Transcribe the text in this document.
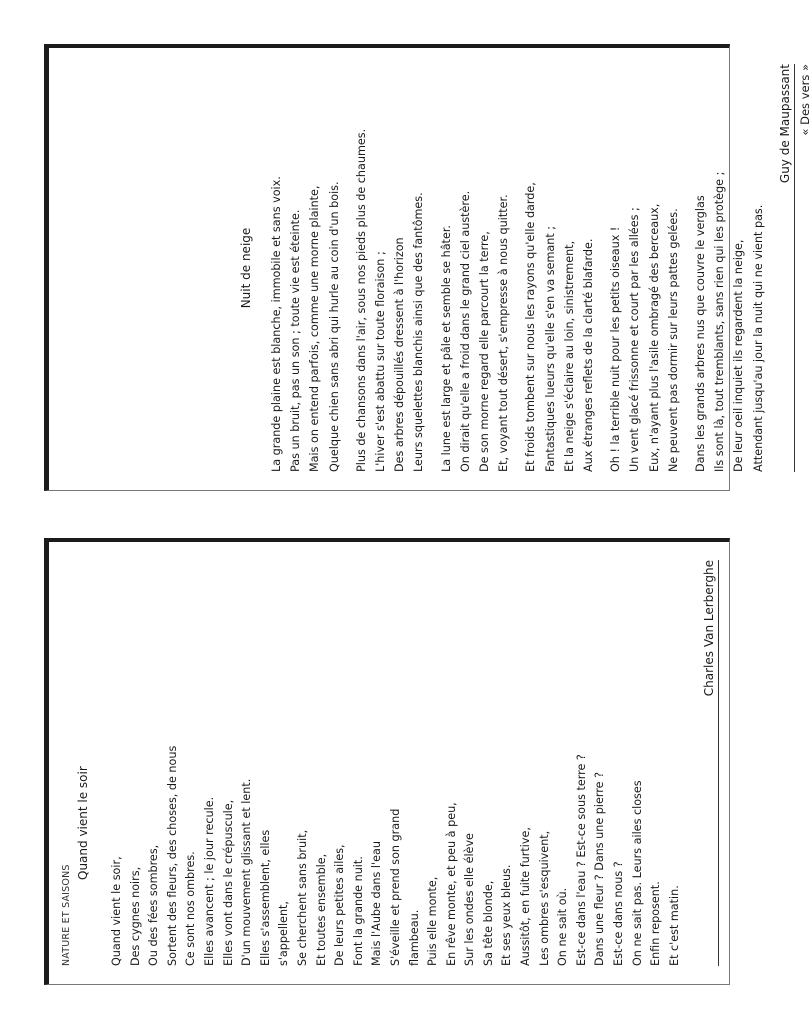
Nuit de neige La grande plaine est blanche, immobile et sans voix. Pas un bruit, pas un son ; toute vie est éteinte. Mais on entend parfois, comme une morne plainte, Quelque chien sans abri qui hurle au coin d'un bois. Plus de chansons dans l'air, sous nos pieds plus de chaumes. L'hiver s'est abattu sur toute floraison ; Des arbres dépouillés dressent à l'horizon Leurs squelettes blanchis ainsi que des fantômes. La lune est large et pâle et semble se hâter. On dirait qu'elle a froid dans le grand ciel austère. De son morne regard elle parcourt la terre, Et, voyant tout désert, s'empresse à nous quitter. Et froids tombent sur nous les rayons qu'elle darde, Fantastiques lueurs qu'elle s'en va semant ; Et la neige s'éclaire au loin, sinistrement, Aux étranges reflets de la clarté blafarde. Oh ! la terrible nuit pour les petits oiseaux ! Un vent glacé frissonne et court par les allées ; Eux, n'ayant plus l'asile ombragé des berceaux, Ne peuvent pas dormir sur leurs pattes gelées. Dans les grands arbres nus que couvre le verglas Ils sont là, tout tremblants, sans rien qui les protège ; De leur oeil inquiet ils regardent la neige, Attendant jusqu'au jour la nuit qui ne vient pas.
Guy de Maupassant « Des vers »
NATURE ET SAISONS
Quand vient le soir
Quand vient le soir, Des cygnes noirs, Ou des fées sombres, Sortent des fleurs, des choses, de nous Ce sont nos ombres. Elles avancent ; le jour recule. Elles vont dans le crépuscule, D'un mouvement glissant et lent. Elles s'assemblent, elles s'appellent, Se cherchent sans bruit, Et toutes ensemble, De leurs petites ailes, Font la grande nuit. Mais l'Aube dans l'eau S'éveille et prend son grand flambeau. Puis elle monte, En rêve monte, et peu à peu, Sur les ondes elle élève Sa tête blonde, Et ses yeux bleus. Aussitôt, en fuite furtive, Les ombres s'esquivent, On ne sait où. Est-ce dans l'eau ? Est-ce sous terre ? Dans une fleur ? Dans une pierre ? Est-ce dans nous ? On ne sait pas. Leurs ailes closes Enfin reposent. Et c'est matin.
Charles Van Lerberghe
